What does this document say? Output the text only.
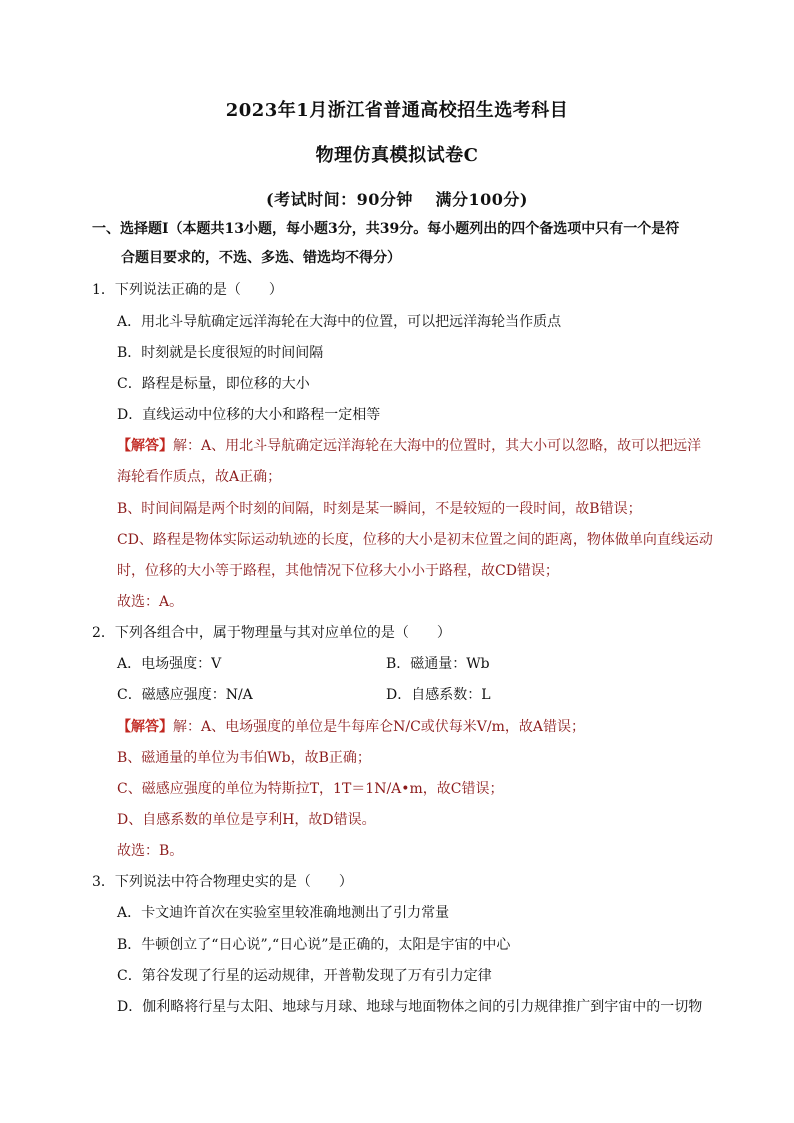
2023年1月浙江省普通高校招生选考科目
物理仿真模拟试卷C
(考试时间：90分钟　 满分100分)
一、选择题Ⅰ（本题共13小题，每小题3分，共39分。每小题列出的四个备选项中只有一个是符
合题目要求的，不选、多选、错选均不得分）
1．下列说法正确的是（　　）
A．用北斗导航确定远洋海轮在大海中的位置，可以把远洋海轮当作质点
B．时刻就是长度很短的时间间隔
C．路程是标量，即位移的大小
D．直线运动中位移的大小和路程一定相等
【解答】解：A、用北斗导航确定远洋海轮在大海中的位置时，其大小可以忽略，故可以把远洋
海轮看作质点，故A正确；
B、时间间隔是两个时刻的间隔，时刻是某一瞬间，不是较短的一段时间，故B错误；
CD、路程是物体实际运动轨迹的长度，位移的大小是初末位置之间的距离，物体做单向直线运动
时，位移的大小等于路程，其他情况下位移大小小于路程，故CD错误；
故选：A。
2．下列各组合中，属于物理量与其对应单位的是（　　）
A．电场强度：V	B．磁通量：Wb
C．磁感应强度：N/A	D．自感系数：L
【解答】解：A、电场强度的单位是牛每库仑N/C或伏每米V/m，故A错误；
B、磁通量的单位为韦伯Wb，故B正确；
C、磁感应强度的单位为特斯拉T，1T＝1N/A•m，故C错误；
D、自感系数的单位是亨利H，故D错误。
故选：B。
3．下列说法中符合物理史实的是（　　）
A．卡文迪许首次在实验室里较准确地测出了引力常量
B．牛顿创立了“日心说”,“日心说”是正确的，太阳是宇宙的中心
C．第谷发现了行星的运动规律，开普勒发现了万有引力定律
D．伽利略将行星与太阳、地球与月球、地球与地面物体之间的引力规律推广到宇宙中的一切物
